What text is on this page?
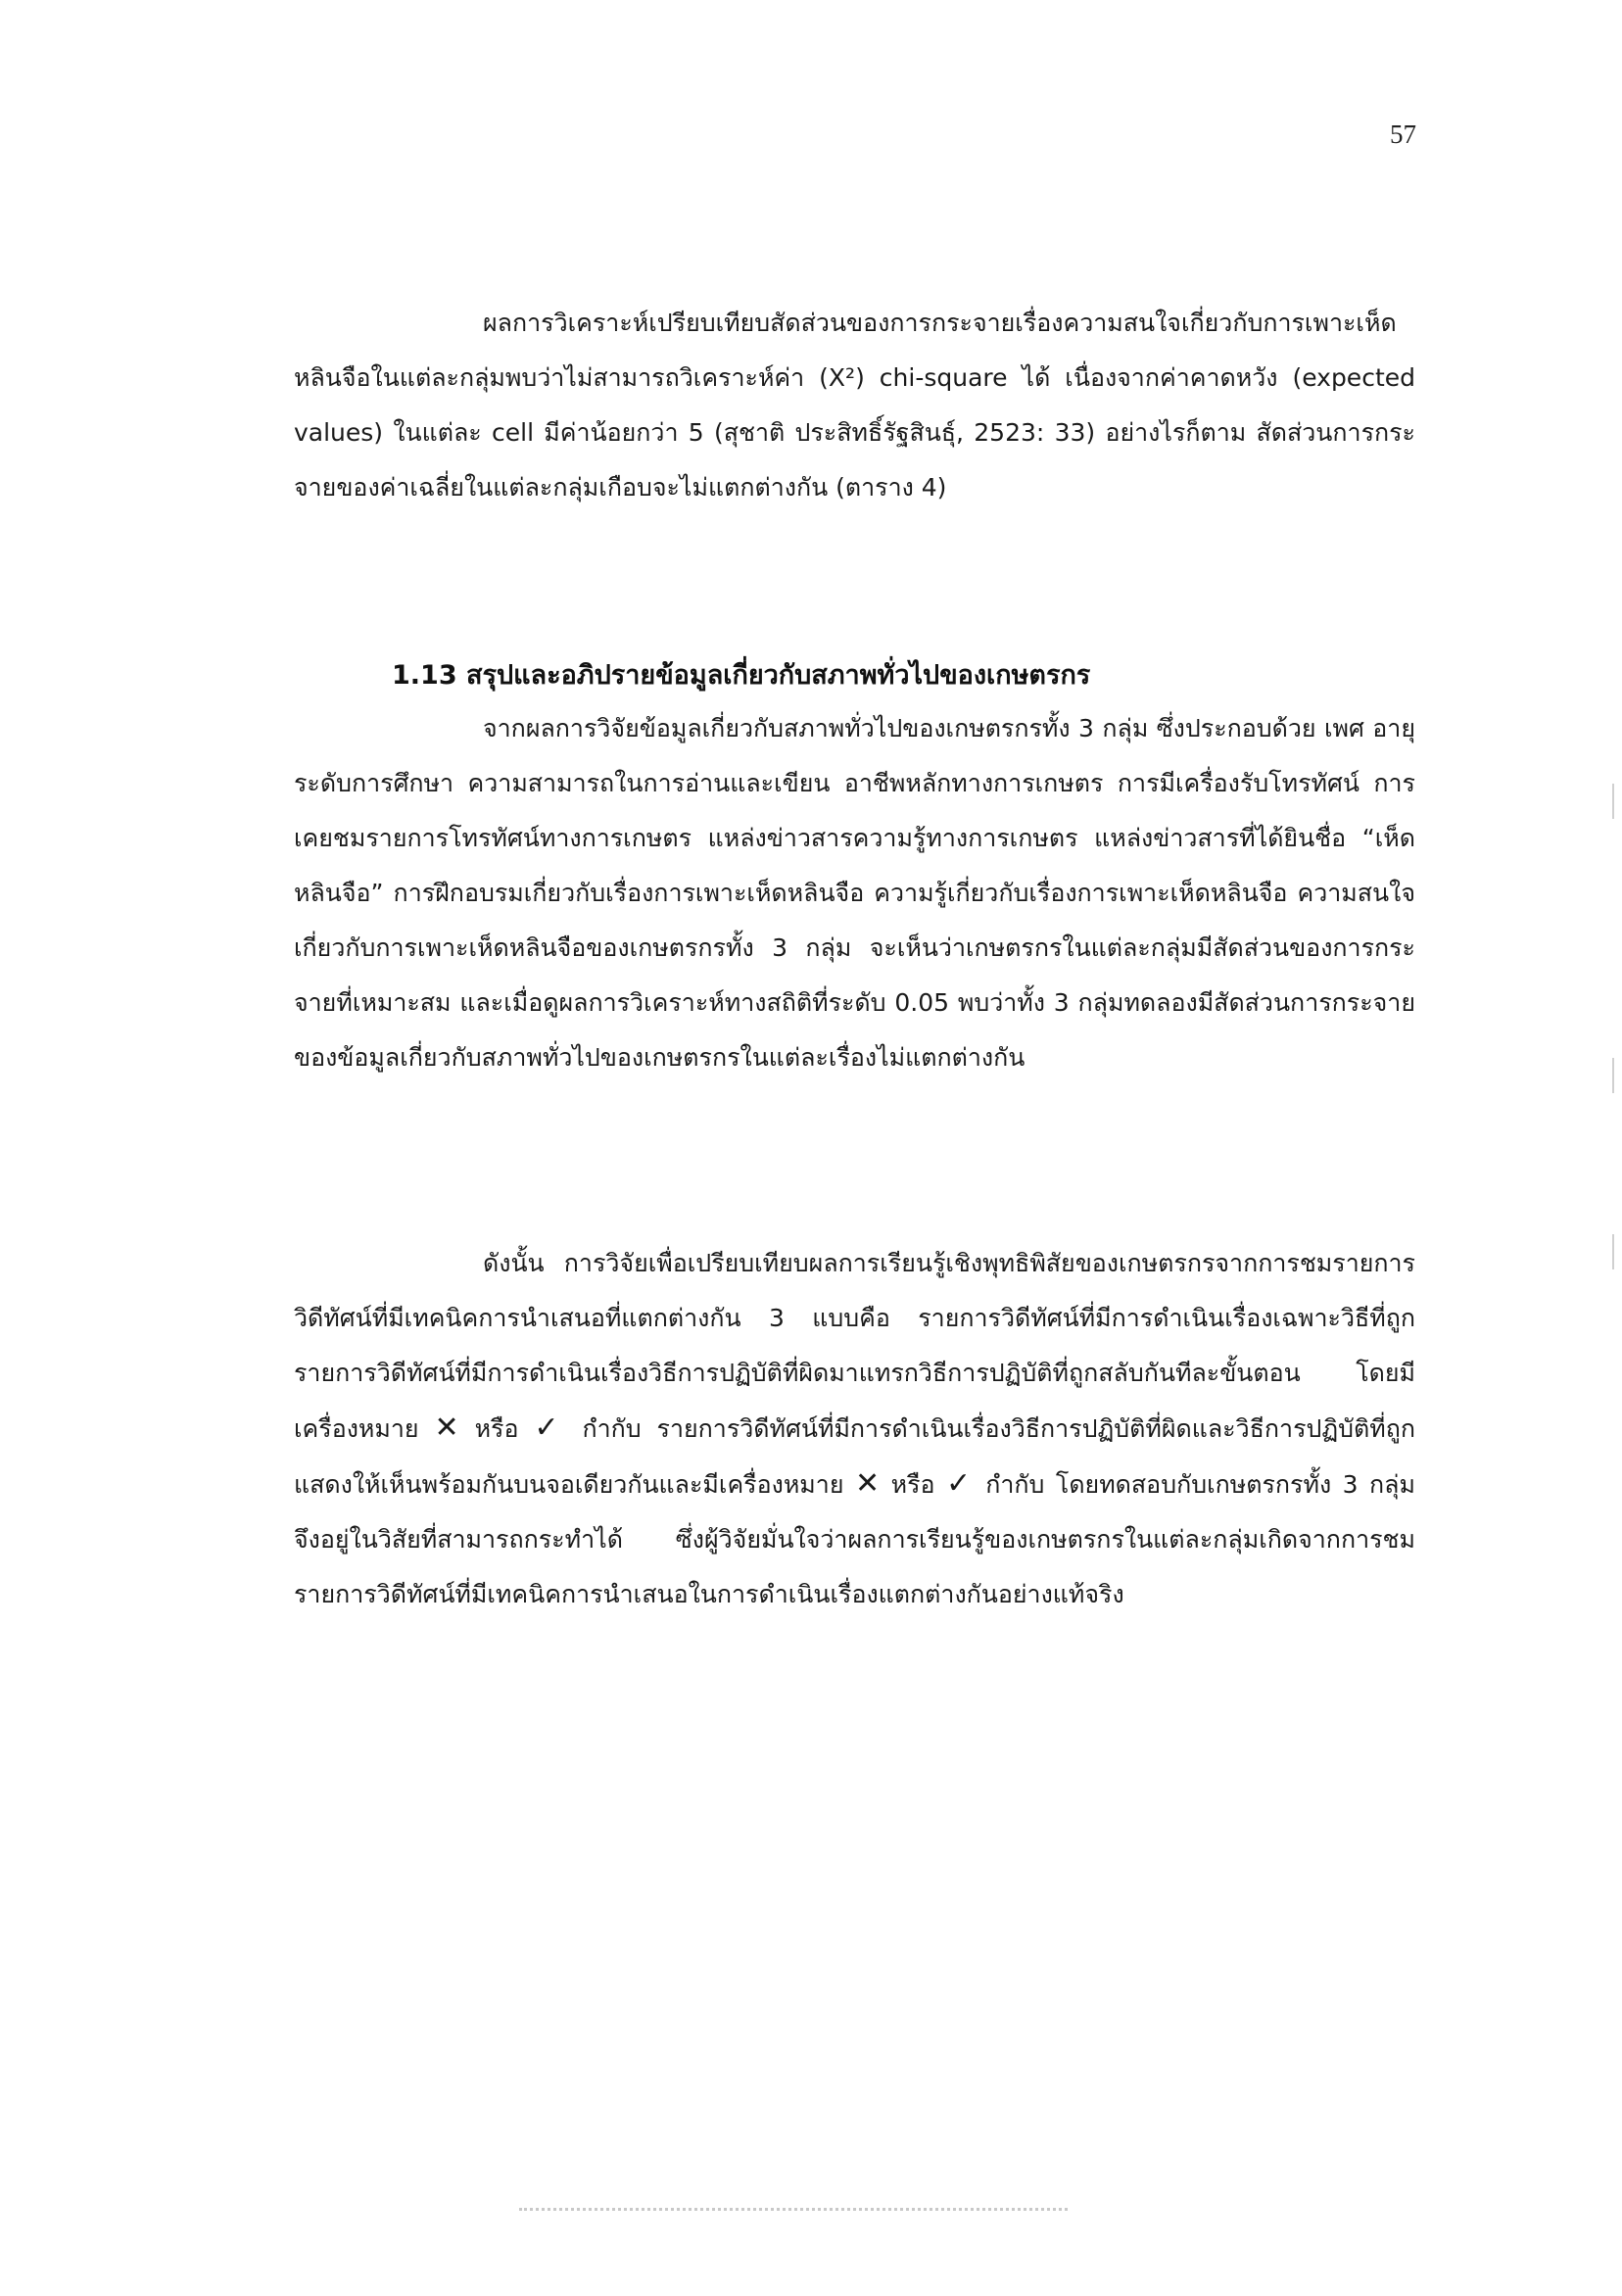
57

ผลการวิเคราะห์เปรียบเทียบสัดส่วนของการกระจายเรื่องความสนใจเกี่ยวกับการเพาะเห็ดหลินจือในแต่ละกลุ่มพบว่าไม่สามารถวิเคราะห์ค่า (X²) chi-square ได้ เนื่องจากค่าคาดหวัง (expected values) ในแต่ละ cell มีค่าน้อยกว่า 5 (สุชาติ ประสิทธิ์รัฐสินธุ์, 2523: 33) อย่างไรก็ตาม สัดส่วนการกระจายของค่าเฉลี่ยในแต่ละกลุ่มเกือบจะไม่แตกต่างกัน (ตาราง 4)

1.13 สรุปและอภิปรายข้อมูลเกี่ยวกับสภาพทั่วไปของเกษตรกร

จากผลการวิจัยข้อมูลเกี่ยวกับสภาพทั่วไปของเกษตรกรทั้ง 3 กลุ่ม ซึ่งประกอบด้วย เพศ อายุ ระดับการศึกษา ความสามารถในการอ่านและเขียน อาชีพหลักทางการเกษตร การมีเครื่องรับโทรทัศน์ การเคยชมรายการโทรทัศน์ทางการเกษตร แหล่งข่าวสารความรู้ทางการเกษตร แหล่งข่าวสารที่ได้ยินชื่อ “เห็ดหลินจือ” การฝึกอบรมเกี่ยวกับเรื่องการเพาะเห็ดหลินจือ ความรู้เกี่ยวกับเรื่องการเพาะเห็ดหลินจือ ความสนใจเกี่ยวกับการเพาะเห็ดหลินจือของเกษตรกรทั้ง 3 กลุ่ม จะเห็นว่าเกษตรกรในแต่ละกลุ่มมีสัดส่วนของการกระจายที่เหมาะสม และเมื่อดูผลการวิเคราะห์ทางสถิติที่ระดับ 0.05 พบว่าทั้ง 3 กลุ่มทดลองมีสัดส่วนการกระจายของข้อมูลเกี่ยวกับสภาพทั่วไปของเกษตรกรในแต่ละเรื่องไม่แตกต่างกัน

ดังนั้น การวิจัยเพื่อเปรียบเทียบผลการเรียนรู้เชิงพุทธิพิสัยของเกษตรกรจากการชมรายการวิดีทัศน์ที่มีเทคนิคการนำเสนอที่แตกต่างกัน 3 แบบคือ รายการวิดีทัศน์ที่มีการดำเนินเรื่องเฉพาะวิธีที่ถูก รายการวิดีทัศน์ที่มีการดำเนินเรื่องวิธีการปฏิบัติที่ผิดมาแทรกวิธีการปฏิบัติที่ถูกสลับกันทีละขั้นตอน โดยมีเครื่องหมาย ✕ หรือ ✓ กำกับ รายการวิดีทัศน์ที่มีการดำเนินเรื่องวิธีการปฏิบัติที่ผิดและวิธีการปฏิบัติที่ถูก แสดงให้เห็นพร้อมกันบนจอเดียวกันและมีเครื่องหมาย ✕ หรือ ✓ กำกับ โดยทดสอบกับเกษตรกรทั้ง 3 กลุ่ม จึงอยู่ในวิสัยที่สามารถกระทำได้ ซึ่งผู้วิจัยมั่นใจว่าผลการเรียนรู้ของเกษตรกรในแต่ละกลุ่มเกิดจากการชมรายการวิดีทัศน์ที่มีเทคนิคการนำเสนอในการดำเนินเรื่องแตกต่างกันอย่างแท้จริง
